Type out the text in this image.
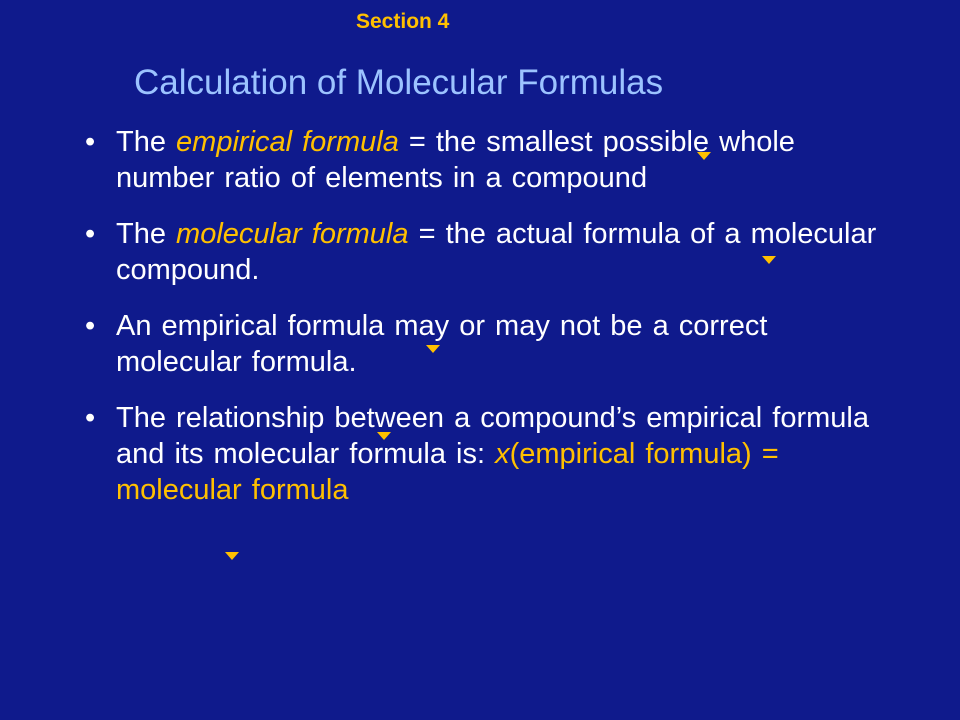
Section 4
Calculation of Molecular Formulas
• The empirical formula = the smallest possible whole number ratio of elements in a compound
• The molecular formula = the actual formula of a molecular compound.
• An empirical formula may or may not be a correct molecular formula.
• The relationship between a compound’s empirical formula and its molecular formula is: x(empirical formula) = molecular formula
